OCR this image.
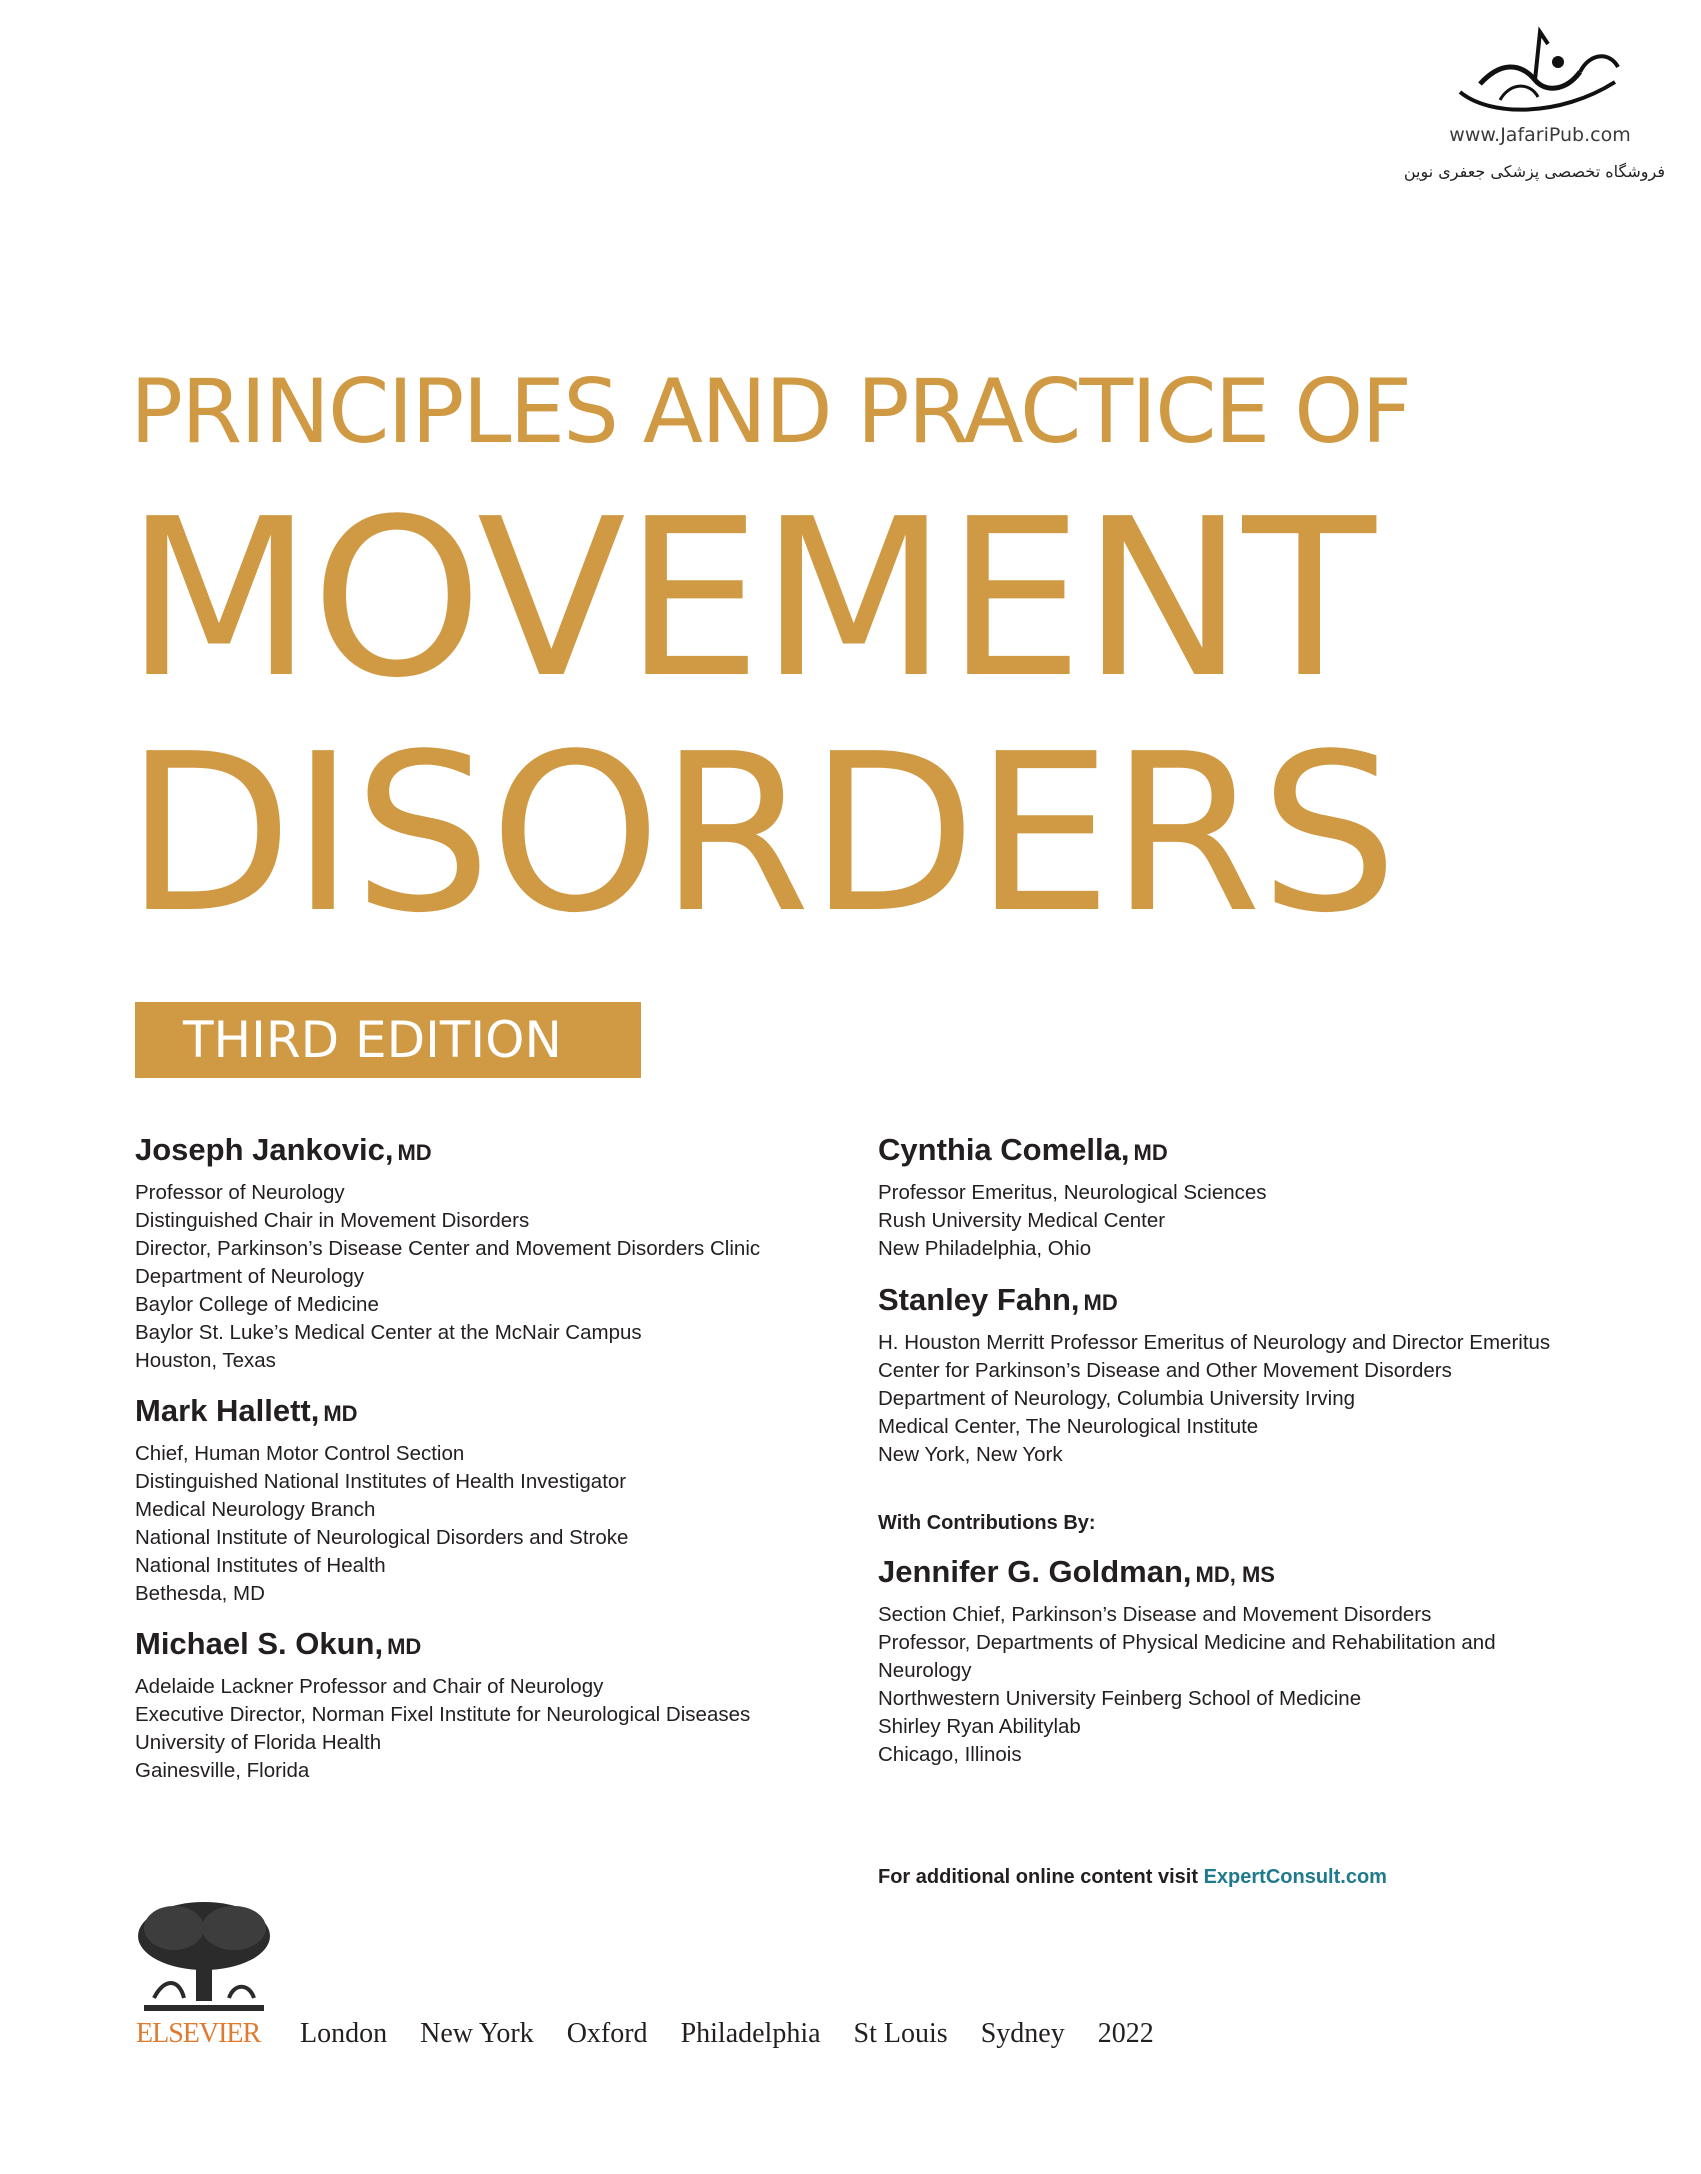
www.JafariPub.com
فروشگاه تخصصی پزشکی جعفری نوین
PRINCIPLES AND PRACTICE OF
MOVEMENT
DISORDERS
THIRD EDITION
Joseph Jankovic, MD
Professor of Neurology
Distinguished Chair in Movement Disorders
Director, Parkinson’s Disease Center and Movement Disorders Clinic
Department of Neurology
Baylor College of Medicine
Baylor St. Luke’s Medical Center at the McNair Campus
Houston, Texas
Mark Hallett, MD
Chief, Human Motor Control Section
Distinguished National Institutes of Health Investigator
Medical Neurology Branch
National Institute of Neurological Disorders and Stroke
National Institutes of Health
Bethesda, MD
Michael S. Okun, MD
Adelaide Lackner Professor and Chair of Neurology
Executive Director, Norman Fixel Institute for Neurological Diseases
University of Florida Health
Gainesville, Florida
Cynthia Comella, MD
Professor Emeritus, Neurological Sciences
Rush University Medical Center
New Philadelphia, Ohio
Stanley Fahn, MD
H. Houston Merritt Professor Emeritus of Neurology and Director Emeritus
Center for Parkinson’s Disease and Other Movement Disorders
Department of Neurology, Columbia University Irving
Medical Center, The Neurological Institute
New York, New York
With Contributions By:
Jennifer G. Goldman, MD, MS
Section Chief, Parkinson’s Disease and Movement Disorders
Professor, Departments of Physical Medicine and Rehabilitation and
Neurology
Northwestern University Feinberg School of Medicine
Shirley Ryan Abilitylab
Chicago, Illinois
For additional online content visit ExpertConsult.com
ELSEVIER London New York Oxford Philadelphia St Louis Sydney 2022
